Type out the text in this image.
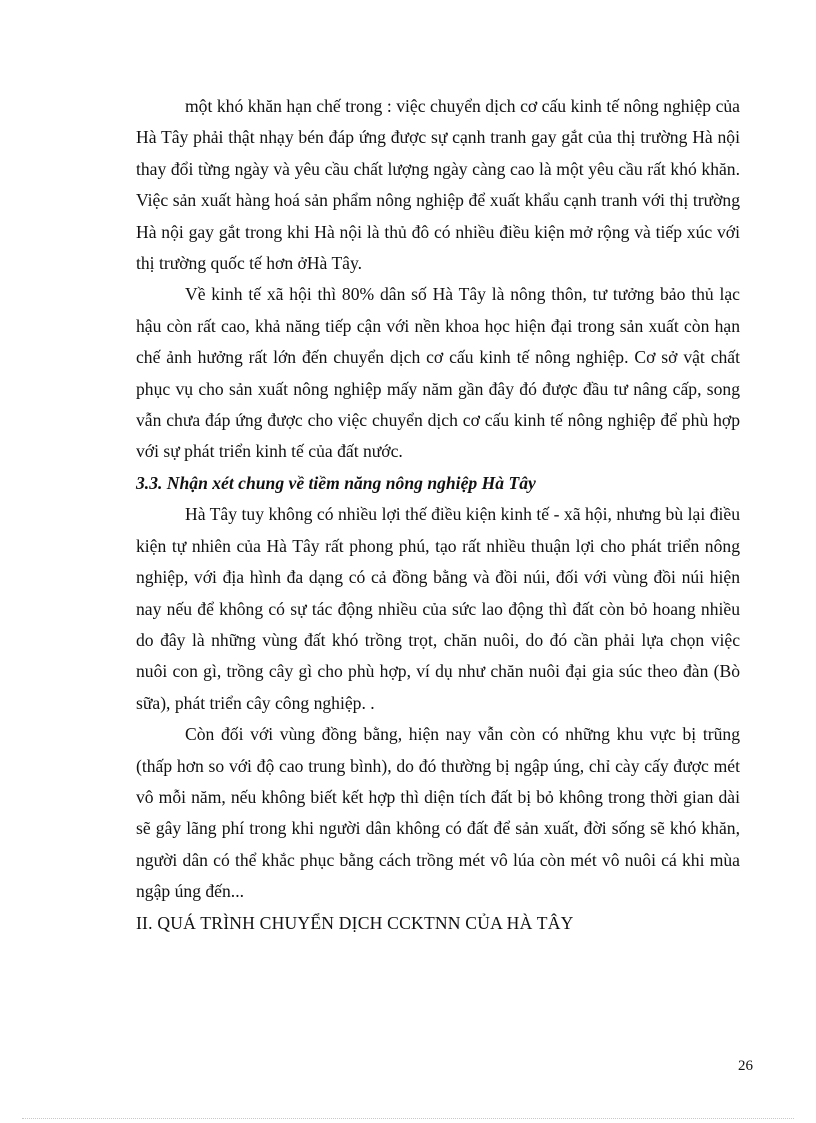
một khó khăn hạn chế trong : việc chuyển dịch cơ cấu kinh tế nông nghiệp của Hà Tây phải thật nhạy bén đáp ứng được sự cạnh tranh gay gắt của thị trường Hà nội thay đổi từng ngày và yêu cầu chất lượng ngày càng cao là một yêu cầu rất khó khăn. Việc sản xuất hàng hoá sản phẩm nông nghiệp để xuất khẩu cạnh tranh với thị trường Hà nội gay gắt trong khi Hà nội là thủ đô có nhiều điều kiện mở rộng và tiếp xúc với thị trường quốc tế hơn ởHà Tây.

Về kinh tế xã hội thì 80% dân số Hà Tây là nông thôn, tư tưởng bảo thủ lạc hậu còn rất cao, khả năng tiếp cận với nền khoa học hiện đại trong sản xuất còn hạn chế ảnh hưởng rất lớn đến chuyển dịch cơ cấu kinh tế nông nghiệp. Cơ sở vật chất phục vụ cho sản xuất nông nghiệp mấy năm gần đây đó được đầu tư nâng cấp, song vẫn chưa đáp ứng được cho việc chuyển dịch cơ cấu kinh tế nông nghiệp để phù hợp với sự phát triển kinh tế của đất nước.

3.3. Nhận xét chung về tiềm năng nông nghiệp Hà Tây

Hà Tây tuy không có nhiều lợi thế điều kiện kinh tế - xã hội, nhưng bù lại điều kiện tự nhiên của Hà Tây rất phong phú, tạo rất nhiều thuận lợi cho phát triển nông nghiệp, với địa hình đa dạng có cả đồng bằng và đồi núi, đối với vùng đồi núi hiện nay nếu để không có sự tác động nhiều của sức lao động thì đất còn bỏ hoang nhiều do đây là những vùng đất khó trồng trọt, chăn nuôi, do đó cần phải lựa chọn việc nuôi con gì, trồng cây gì cho phù hợp, ví dụ như chăn nuôi đại gia súc theo đàn (Bò sữa), phát triển cây công nghiệp. .

Còn đối với vùng đồng bằng, hiện nay vẫn còn có những khu vực bị trũng (thấp hơn so với độ cao trung bình), do đó thường bị ngập úng, chỉ cày cấy được mét vô mỗi năm, nếu không biết kết hợp thì diện tích đất bị bỏ không trong thời gian dài sẽ gây lãng phí trong khi người dân không có đất để sản xuất, đời sống sẽ khó khăn, người dân có thể khắc phục bằng cách trồng mét vô lúa còn mét vô nuôi cá khi mùa ngập úng đến...

II. QUÁ TRÌNH CHUYỂN DỊCH CCKTNN CỦA HÀ TÂY

26
